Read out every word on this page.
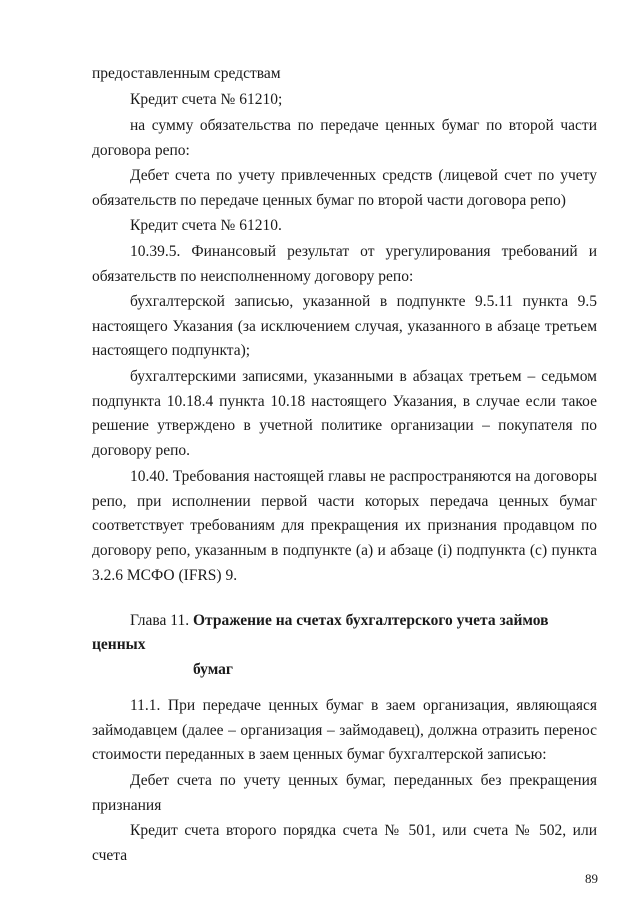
предоставленным средствам

Кредит счета № 61210;

на сумму обязательства по передаче ценных бумаг по второй части договора репо:

Дебет счета по учету привлеченных средств (лицевой счет по учету обязательств по передаче ценных бумаг по второй части договора репо)

Кредит счета № 61210.

10.39.5. Финансовый результат от урегулирования требований и обязательств по неисполненному договору репо:

бухгалтерской записью, указанной в подпункте 9.5.11 пункта 9.5 настоящего Указания (за исключением случая, указанного в абзаце третьем настоящего подпункта);

бухгалтерскими записями, указанными в абзацах третьем – седьмом подпункта 10.18.4 пункта 10.18 настоящего Указания, в случае если такое решение утверждено в учетной политике организации – покупателя по договору репо.

10.40. Требования настоящей главы не распространяются на договоры репо, при исполнении первой части которых передача ценных бумаг соответствует требованиям для прекращения их признания продавцом по договору репо, указанным в подпункте (a) и абзаце (i) подпункта (c) пункта 3.2.6 МСФО (IFRS) 9.

Глава 11. Отражение на счетах бухгалтерского учета займов ценных
бумаг

11.1. При передаче ценных бумаг в заем организация, являющаяся займодавцем (далее – организация – займодавец), должна отразить перенос стоимости переданных в заем ценных бумаг бухгалтерской записью:

Дебет счета по учету ценных бумаг, переданных без прекращения признания

Кредит счета второго порядка счета № 501, или счета № 502, или счета

89
